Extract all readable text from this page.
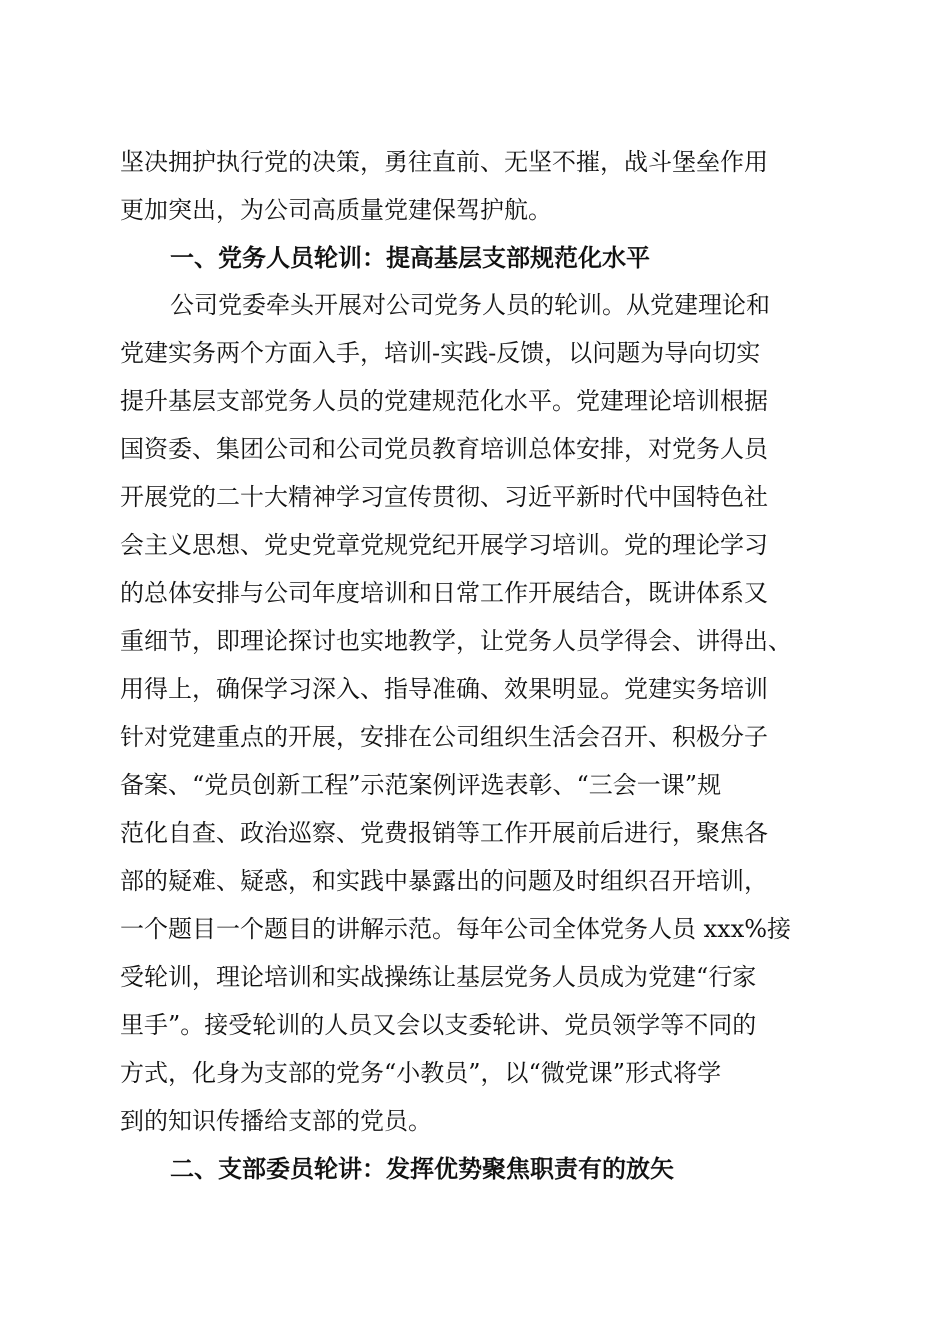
坚决拥护执行党的决策，勇往直前、无坚不摧，战斗堡垒作用
更加突出，为公司高质量党建保驾护航。
一、党务人员轮训：提高基层支部规范化水平
公司党委牵头开展对公司党务人员的轮训。从党建理论和
党建实务两个方面入手，培训-实践-反馈，以问题为导向切实
提升基层支部党务人员的党建规范化水平。党建理论培训根据
国资委、集团公司和公司党员教育培训总体安排，对党务人员
开展党的二十大精神学习宣传贯彻、习近平新时代中国特色社
会主义思想、党史党章党规党纪开展学习培训。党的理论学习
的总体安排与公司年度培训和日常工作开展结合，既讲体系又
重细节，即理论探讨也实地教学，让党务人员学得会、讲得出、
用得上，确保学习深入、指导准确、效果明显。党建实务培训
针对党建重点的开展，安排在公司组织生活会召开、积极分子
备案、“党员创新工程”示范案例评选表彰、“三会一课”规
范化自查、政治巡察、党费报销等工作开展前后进行，聚焦各
部的疑难、疑惑，和实践中暴露出的问题及时组织召开培训，
一个题目一个题目的讲解示范。每年公司全体党务人员 xxx%接
受轮训，理论培训和实战操练让基层党务人员成为党建“行家
里手”。接受轮训的人员又会以支委轮讲、党员领学等不同的
方式，化身为支部的党务“小教员”，以“微党课”形式将学
到的知识传播给支部的党员。
二、支部委员轮讲：发挥优势聚焦职责有的放矢
